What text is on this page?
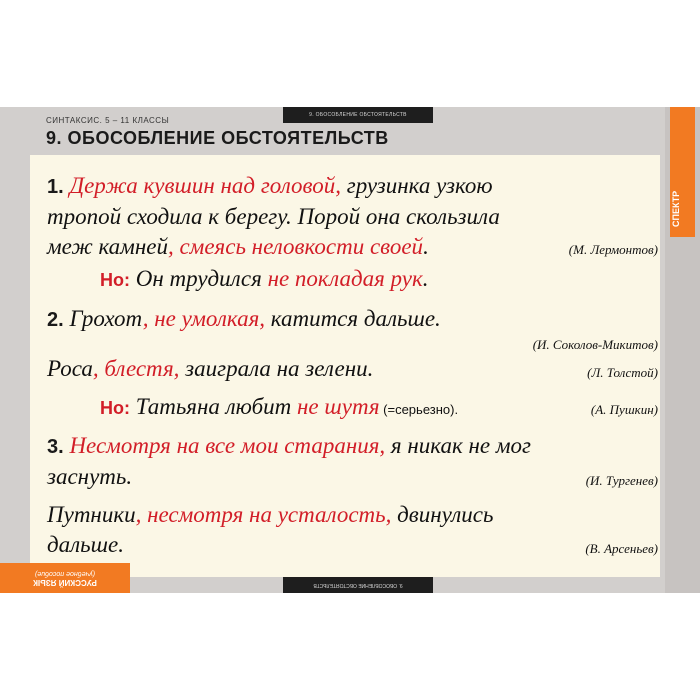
9. ОБОСОБЛЕНИЕ ОБСТОЯТЕЛЬСТВ
СИНТАКСИС. 5 – 11 КЛАССЫ
9. ОБОСОБЛЕНИЕ ОБСТОЯТЕЛЬСТВ
СПЕКТР
9. ОБОСОБЛЕНИЕ ОБСТОЯТЕЛЬСТВ
РУССКИЙ ЯЗЫК
(учебное пособие)
1. Держа кувшин над головой, грузинка узкою
тропой сходила к берегу. Порой она скользила
меж камней, смеясь неловкости своей.	(М. Лермонтов)
Но: Он трудился не покладая рук.
2. Грохот, не умолкая, катится дальше.
(И. Соколов-Микитов)
Роса, блестя, заиграла на зелени.	(Л. Толстой)
Но: Татьяна любит не шутя (=серьезно).	(А. Пушкин)
3. Несмотря на все мои старания, я никак не мог
заснуть.	(И. Тургенев)
Путники, несмотря на усталость, двинулись
дальше.	(В. Арсеньев)
